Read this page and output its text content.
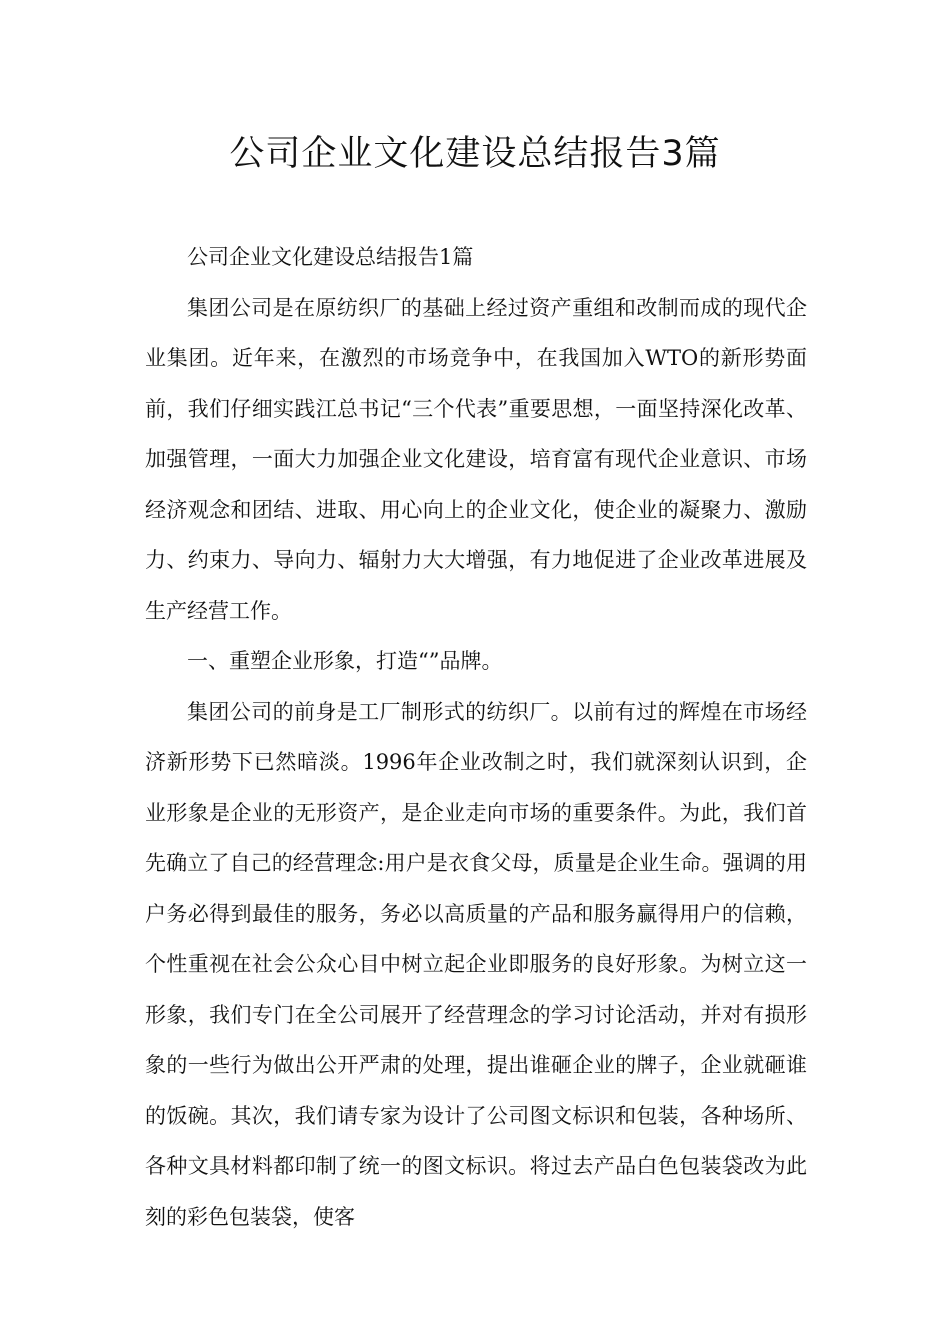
公司企业文化建设总结报告3篇

公司企业文化建设总结报告1篇

集团公司是在原纺织厂的基础上经过资产重组和改制而成的现代企业集团。近年来，在激烈的市场竞争中，在我国加入WTO的新形势面前，我们仔细实践江总书记“三个代表”重要思想，一面坚持深化改革、加强管理，一面大力加强企业文化建设，培育富有现代企业意识、市场经济观念和团结、进取、用心向上的企业文化，使企业的凝聚力、激励力、约束力、导向力、辐射力大大增强，有力地促进了企业改革进展及生产经营工作。

一、重塑企业形象，打造“”品牌。

集团公司的前身是工厂制形式的纺织厂。以前有过的辉煌在市场经济新形势下已然暗淡。1996年企业改制之时，我们就深刻认识到，企业形象是企业的无形资产，是企业走向市场的重要条件。为此，我们首先确立了自己的经营理念:用户是衣食父母，质量是企业生命。强调的用户务必得到最佳的服务，务必以高质量的产品和服务赢得用户的信赖，个性重视在社会公众心目中树立起企业即服务的良好形象。为树立这一形象，我们专门在全公司展开了经营理念的学习讨论活动，并对有损形象的一些行为做出公开严肃的处理，提出谁砸企业的牌子，企业就砸谁的饭碗。其次，我们请专家为设计了公司图文标识和包装，各种场所、各种文具材料都印制了统一的图文标识。将过去产品白色包装袋改为此刻的彩色包装袋，使客
